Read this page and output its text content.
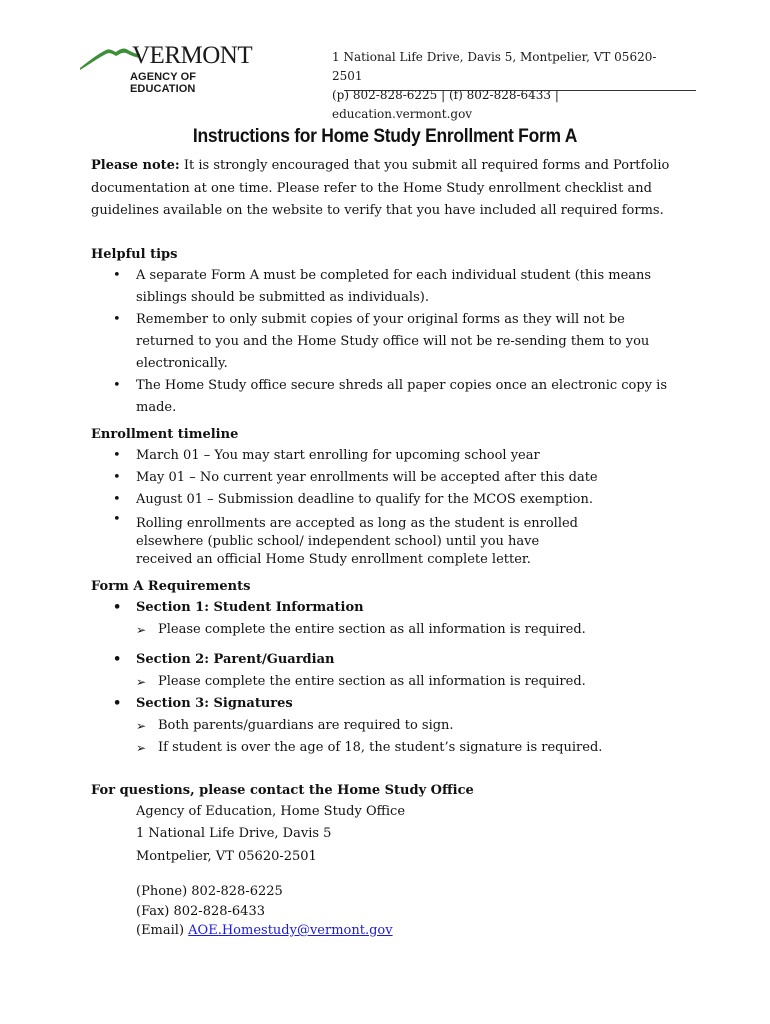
VERMONT
AGENCY OF EDUCATION
1 National Life Drive, Davis 5, Montpelier, VT 05620-2501
(p) 802-828-6225 | (f) 802-828-6433 | education.vermont.gov
Instructions for Home Study Enrollment Form A

Please note: It is strongly encouraged that you submit all required forms and Portfolio documentation at one time. Please refer to the Home Study enrollment checklist and guidelines available on the website to verify that you have included all required forms.

Helpful tips

• A separate Form A must be completed for each individual student (this means siblings should be submitted as individuals).
• Remember to only submit copies of your original forms as they will not be returned to you and the Home Study office will not be re-sending them to you electronically.
• The Home Study office secure shreds all paper copies once an electronic copy is made.

Enrollment timeline

• March 01 – You may start enrolling for upcoming school year
• May 01 – No current year enrollments will be accepted after this date
• August 01 – Submission deadline to qualify for the MCOS exemption.
• Rolling enrollments are accepted as long as the student is enrolled elsewhere (public school/ independent school) until you have received an official Home Study enrollment complete letter.

Form A Requirements

• Section 1: Student Information
➢ Please complete the entire section as all information is required.
• Section 2: Parent/Guardian
➢ Please complete the entire section as all information is required.
• Section 3: Signatures
➢ Both parents/guardians are required to sign.
➢ If student is over the age of 18, the student’s signature is required.

For questions, please contact the Home Study Office

Agency of Education, Home Study Office
1 National Life Drive, Davis 5
Montpelier, VT 05620-2501
(Phone) 802-828-6225
(Fax) 802-828-6433
(Email) AOE.Homestudy@vermont.gov
